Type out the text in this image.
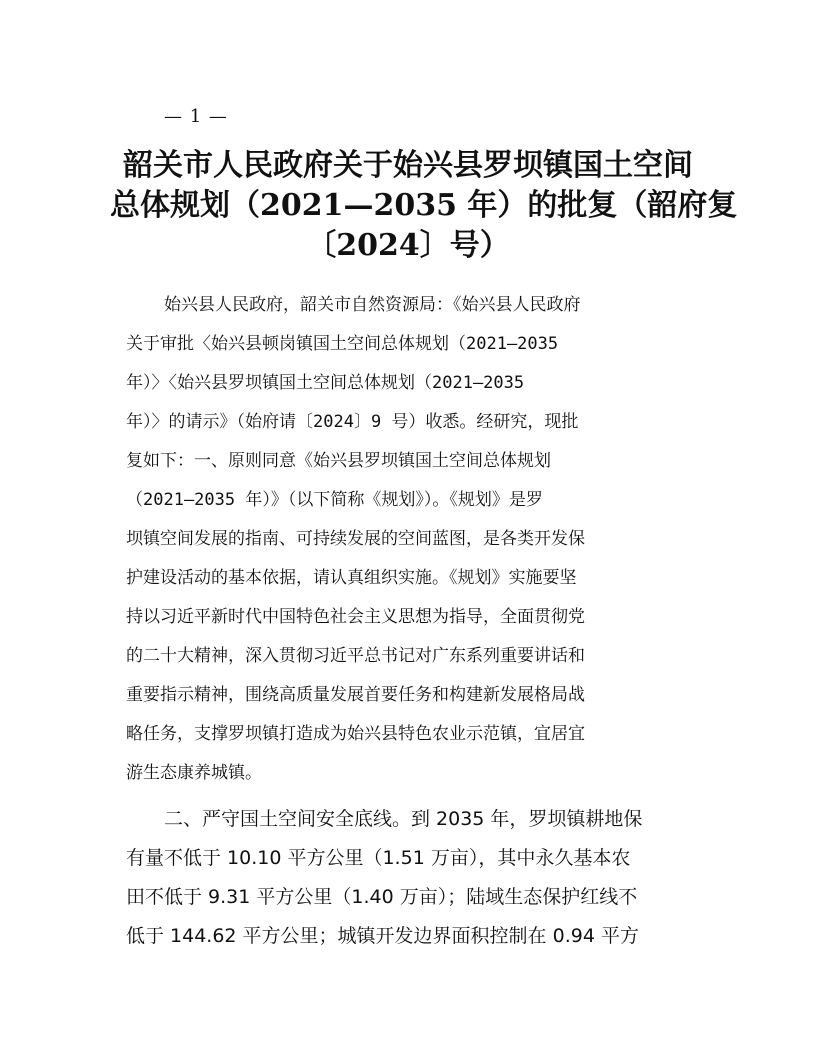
— 1 —
韶关市人民政府关于始兴县罗坝镇国土空间
总体规划（2021—2035 年）的批复（韶府复
〔2024〕号）
始兴县人民政府，韶关市自然资源局：《始兴县人民政府
关于审批〈始兴县顿岗镇国土空间总体规划（2021—2035
年）〉〈始兴县罗坝镇国土空间总体规划（2021—2035
年）〉的请示》（始府请〔2024〕9 号）收悉。经研究，现批
复如下：一、原则同意《始兴县罗坝镇国土空间总体规划
（2021—2035 年）》（以下简称《规划》）。《规划》是罗
坝镇空间发展的指南、可持续发展的空间蓝图，是各类开发保
护建设活动的基本依据，请认真组织实施。《规划》实施要坚
持以习近平新时代中国特色社会主义思想为指导，全面贯彻党
的二十大精神，深入贯彻习近平总书记对广东系列重要讲话和
重要指示精神，围绕高质量发展首要任务和构建新发展格局战
略任务，支撑罗坝镇打造成为始兴县特色农业示范镇，宜居宜
游生态康养城镇。
二、严守国土空间安全底线。到 2035 年，罗坝镇耕地保
有量不低于 10.10 平方公里（1.51 万亩），其中永久基本农
田不低于 9.31 平方公里（1.40 万亩）；陆域生态保护红线不
低于 144.62 平方公里；城镇开发边界面积控制在 0.94 平方
